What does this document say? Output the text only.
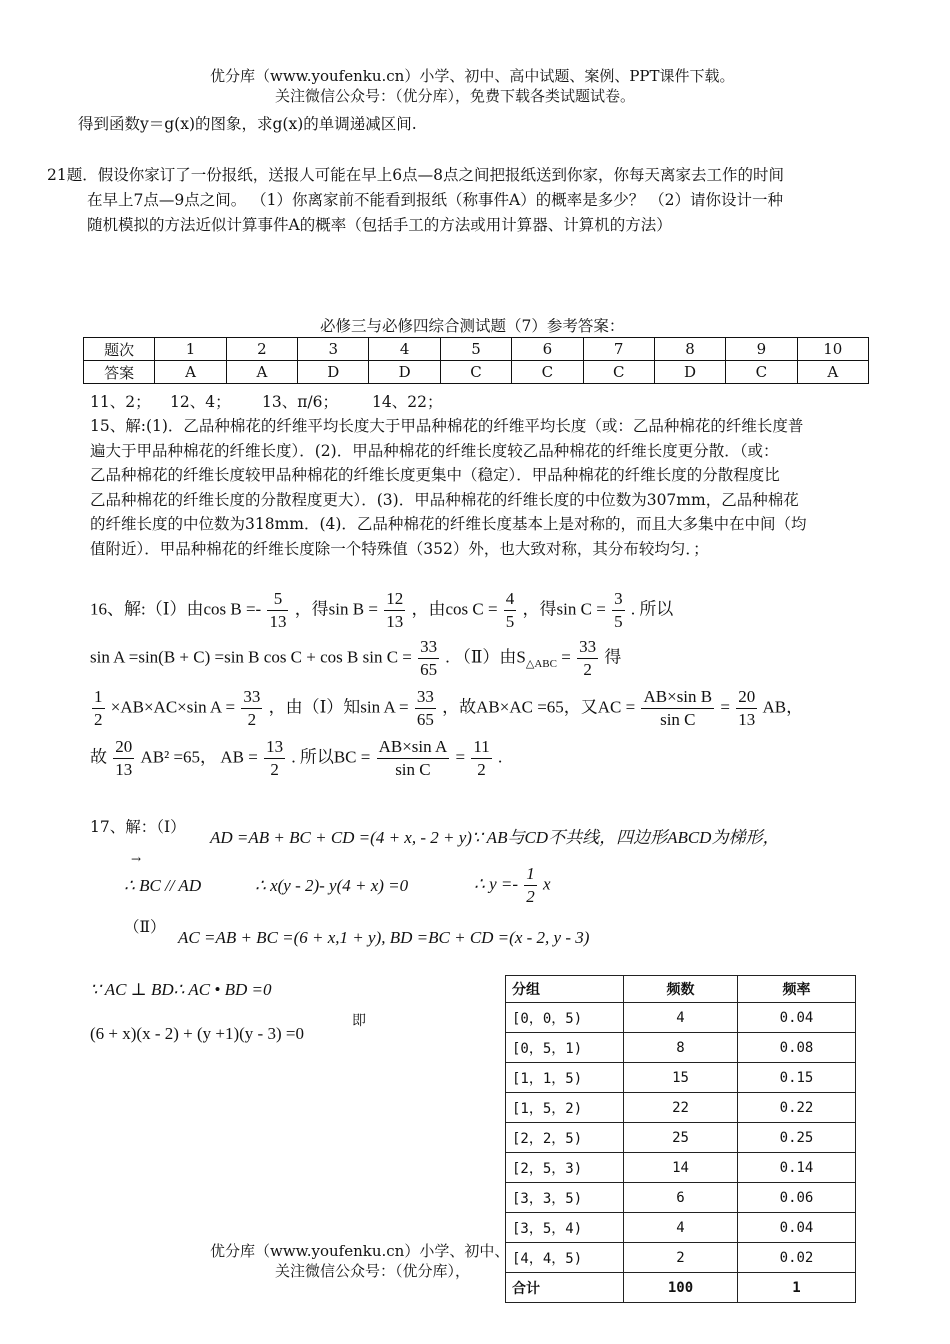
优分库（www.youfenku.cn）小学、初中、高中试题、案例、PPT课件下载。
关注微信公众号：（优分库），免费下载各类试题试卷。
得到函数y＝g(x)的图象，求g(x)的单调递减区间.
21题．假设你家订了一份报纸，送报人可能在早上6点—8点之间把报纸送到你家，你每天离家去工作的时间
在早上7点—9点之间。 （1）你离家前不能看到报纸（称事件A）的概率是多少？ （2）请你设计一种
随机模拟的方法近似计算事件A的概率（包括手工的方法或用计算器、计算机的方法）
必修三与必修四综合测试题（7）参考答案：
题次	1	2	3	4	5	6	7	8	9	10
答案	A	A	D	D	C	C	C	D	C	A
11、2； 12、4； 13、π/6； 14、22；
15、解:(1)．乙品种棉花的纤维平均长度大于甲品种棉花的纤维平均长度（或：乙品种棉花的纤维长度普
遍大于甲品种棉花的纤维长度）．(2)．甲品种棉花的纤维长度较乙品种棉花的纤维长度更分散．（或：
乙品种棉花的纤维长度较甲品种棉花的纤维长度更集中（稳定）．甲品种棉花的纤维长度的分散程度比
乙品种棉花的纤维长度的分散程度更大）．(3)．甲品种棉花的纤维长度的中位数为307mm，乙品种棉花
的纤维长度的中位数为318mm．(4)．乙品种棉花的纤维长度基本上是对称的，而且大多集中在中间（均
值附近）．甲品种棉花的纤维长度除一个特殊值（352）外，也大致对称，其分布较均匀．；
16、解:（Ⅰ）由$\cos B =- \frac{5}{13}$ ，得$\sin B = \frac{12}{13}$ ，由$\cos C = \frac{4}{5}$ ，得$\sin C = \frac{3}{5}$ . 所以
sin A =sin(B + C) =sin B cos C + cos B $\sin C = \frac{33}{65}$ . （Ⅱ）由$S_{\triangle ABC} = \frac{33}{2}$ 得
$\frac{1}{2} \times AB\times AC\times\sin$ $A = \frac{33}{2}$ ，由（Ⅰ）知$\sin A = \frac{33}{65}$ ，故AB×AC =65，又AC = $\frac{\text{AB×sin B}}{\text{sin C}} = \frac{20}{13}$ AB，
故 $\frac{20}{13} AB^2 =65$， AB = $\frac{13}{2}$ . 所以BC = $\frac{\text{AB×sin A}}{\text{sin C}} = \frac{11}{2}$ .
17、解：（Ⅰ）
AD =AB + BC + CD =(4 + x, - 2 + y)∵ AB与CD不共线，四边形ABCD为梯形，
→
∴ BC // AD	∴ x(y - 2)- y(4 + x) =0	∴ $y =- \frac{1}{2}$ x
（Ⅱ）
AC =AB + BC =(6 + x,1 + y), BD =BC + CD =(x - 2, y - 3)
∵ AC ⊥ BD∴ AC • BD =0
(6 + x)(x - 2) + (y +1)(y - 3) =0
即
分组	频数	频率
[0，0，5)	4	0.04
[0，5，1)	8	0.08
[1，1，5)	15	0.15
[1，5，2)	22	0.22
[2，2，5)	25	0.25
[2，5，3)	14	0.14
[3，3，5)	6	0.06
[3，5，4)	4	0.04
[4，4，5)	2	0.02
合计	100	1
优分库（www.youfenku.cn）小学、初中、
关注微信公众号：（优分库），
